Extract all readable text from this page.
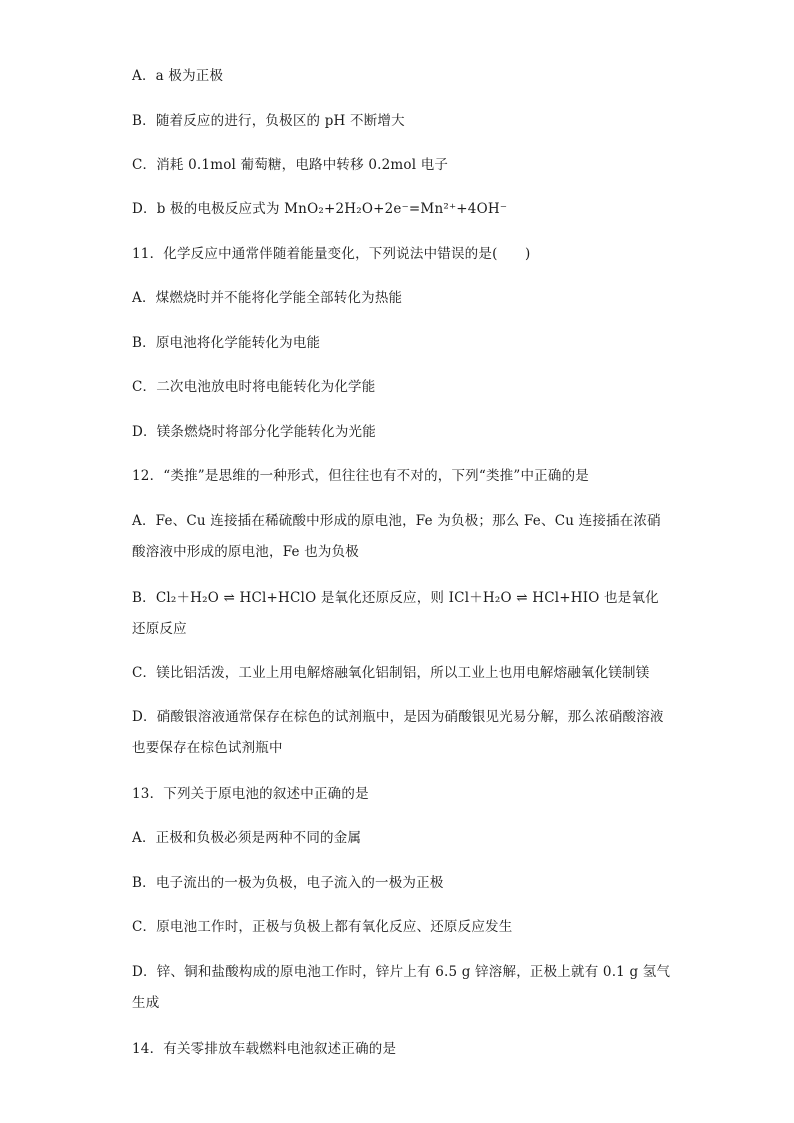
A．a 极为正极
B．随着反应的进行，负极区的 pH 不断增大
C．消耗 0.1mol 葡萄糖，电路中转移 0.2mol 电子
D．b 极的电极反应式为 MnO₂+2H₂O+2e⁻=Mn²⁺+4OH⁻
11．化学反应中通常伴随着能量变化，下列说法中错误的是(　　)
A．煤燃烧时并不能将化学能全部转化为热能
B．原电池将化学能转化为电能
C．二次电池放电时将电能转化为化学能
D．镁条燃烧时将部分化学能转化为光能
12．“类推”是思维的一种形式，但往往也有不对的，下列“类推”中正确的是
A．Fe、Cu 连接插在稀硫酸中形成的原电池，Fe 为负极；那么 Fe、Cu 连接插在浓硝酸溶液中形成的原电池，Fe 也为负极
B．Cl₂＋H₂O ⇌ HCl+HClO 是氧化还原反应，则 ICl＋H₂O ⇌ HCl+HIO 也是氧化还原反应
C．镁比铝活泼，工业上用电解熔融氧化铝制铝，所以工业上也用电解熔融氧化镁制镁
D．硝酸银溶液通常保存在棕色的试剂瓶中，是因为硝酸银见光易分解，那么浓硝酸溶液也要保存在棕色试剂瓶中
13．下列关于原电池的叙述中正确的是
A．正极和负极必须是两种不同的金属
B．电子流出的一极为负极，电子流入的一极为正极
C．原电池工作时，正极与负极上都有氧化反应、还原反应发生
D．锌、铜和盐酸构成的原电池工作时，锌片上有 6.5 g 锌溶解，正极上就有 0.1 g 氢气生成
14．有关零排放车载燃料电池叙述正确的是
